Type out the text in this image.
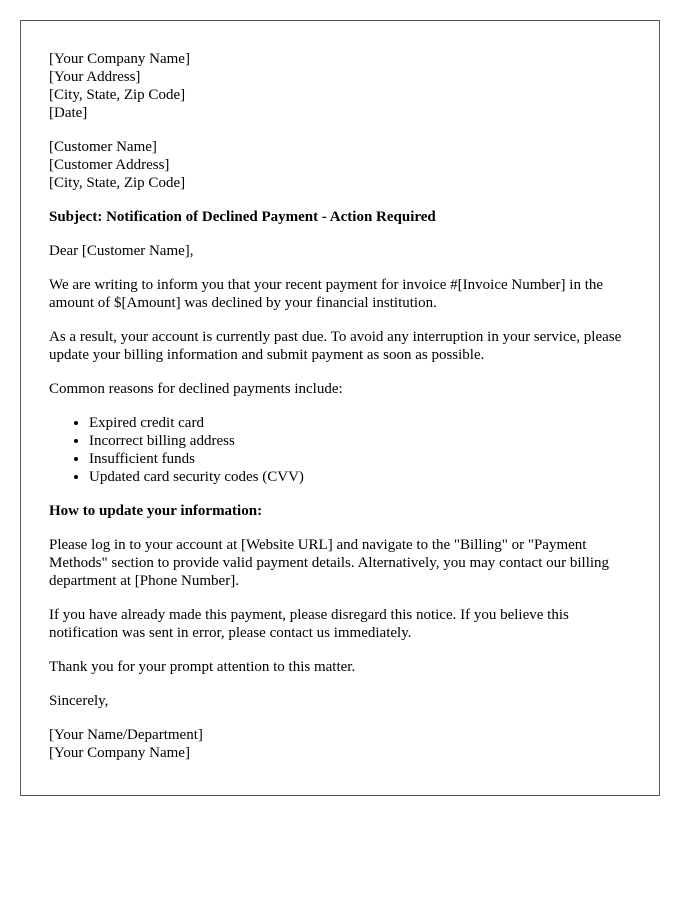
[Your Company Name]
[Your Address]
[City, State, Zip Code]
[Date]
[Customer Name]
[Customer Address]
[City, State, Zip Code]

Subject: Notification of Declined Payment - Action Required

Dear [Customer Name],

We are writing to inform you that your recent payment for invoice #[Invoice Number] in the amount of $[Amount] was declined by your financial institution.

As a result, your account is currently past due. To avoid any interruption in your service, please update your billing information and submit payment as soon as possible.

Common reasons for declined payments include:

• Expired credit card
• Incorrect billing address
• Insufficient funds
• Updated card security codes (CVV)

How to update your information:

Please log in to your account at [Website URL] and navigate to the "Billing" or "Payment Methods" section to provide valid payment details. Alternatively, you may contact our billing department at [Phone Number].

If you have already made this payment, please disregard this notice. If you believe this notification was sent in error, please contact us immediately.

Thank you for your prompt attention to this matter.

Sincerely,

[Your Name/Department]
[Your Company Name]
